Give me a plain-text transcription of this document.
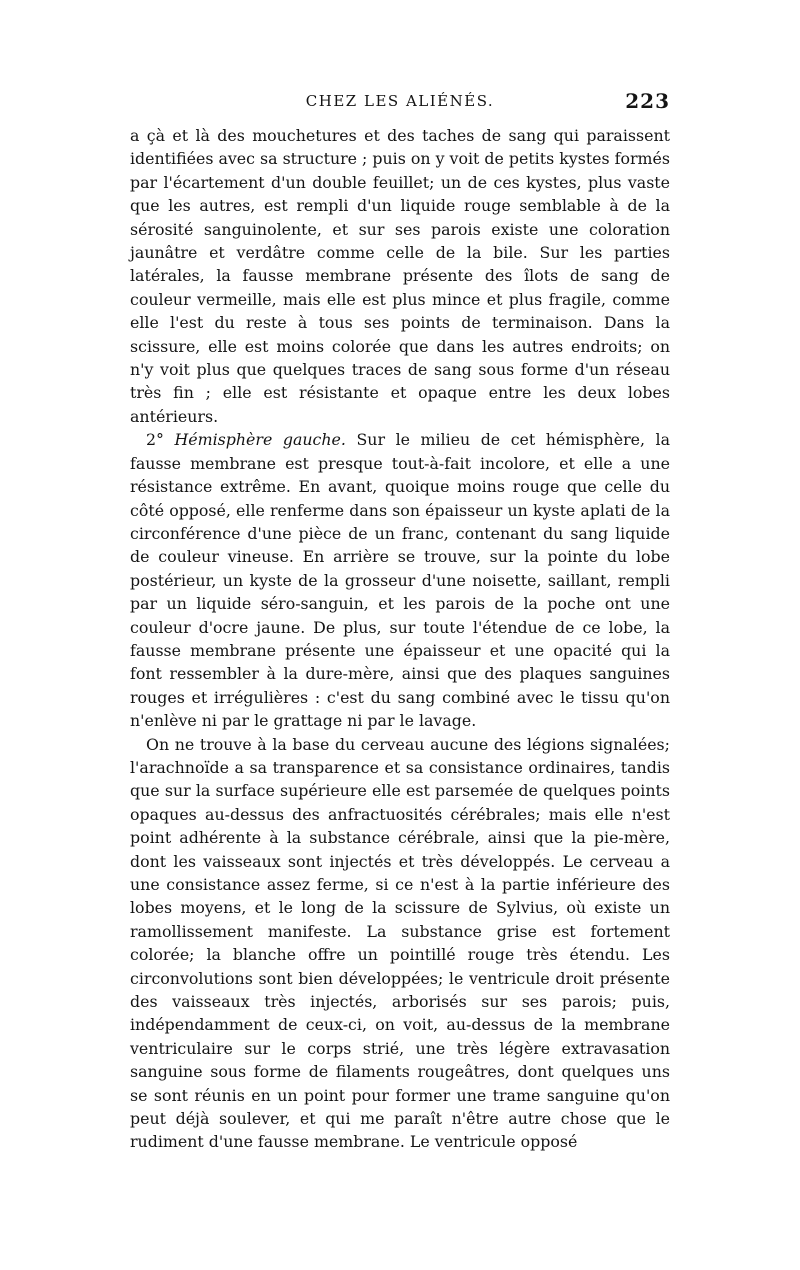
CHEZ LES ALIÉNÉS.	223

a çà et là des mouchetures et des taches de sang qui paraissent identifiées avec sa structure ; puis on y voit de petits kystes formés par l'écartement d'un double feuillet; un de ces kystes, plus vaste que les autres, est rempli d'un liquide rouge semblable à de la sérosité sanguinolente, et sur ses parois existe une coloration jaunâtre et verdâtre comme celle de la bile. Sur les parties latérales, la fausse membrane présente des îlots de sang de couleur vermeille, mais elle est plus mince et plus fragile, comme elle l'est du reste à tous ses points de terminaison. Dans la scissure, elle est moins colorée que dans les autres endroits; on n'y voit plus que quelques traces de sang sous forme d'un réseau très fin ; elle est résistante et opaque entre les deux lobes antérieurs.

2° Hémisphère gauche. Sur le milieu de cet hémisphère, la fausse membrane est presque tout-à-fait incolore, et elle a une résistance extrême. En avant, quoique moins rouge que celle du côté opposé, elle renferme dans son épaisseur un kyste aplati de la circonférence d'une pièce de un franc, contenant du sang liquide de couleur vineuse. En arrière se trouve, sur la pointe du lobe postérieur, un kyste de la grosseur d'une noisette, saillant, rempli par un liquide séro-sanguin, et les parois de la poche ont une couleur d'ocre jaune. De plus, sur toute l'étendue de ce lobe, la fausse membrane présente une épaisseur et une opacité qui la font ressembler à la dure-mère, ainsi que des plaques sanguines rouges et irrégulières : c'est du sang combiné avec le tissu qu'on n'enlève ni par le grattage ni par le lavage.

On ne trouve à la base du cerveau aucune des légions signalées; l'arachnoïde a sa transparence et sa consistance ordinaires, tandis que sur la surface supérieure elle est parsemée de quelques points opaques au-dessus des anfractuosités cérébrales; mais elle n'est point adhérente à la substance cérébrale, ainsi que la pie-mère, dont les vaisseaux sont injectés et très développés. Le cerveau a une consistance assez ferme, si ce n'est à la partie inférieure des lobes moyens, et le long de la scissure de Sylvius, où existe un ramollissement manifeste. La substance grise est fortement colorée; la blanche offre un pointillé rouge très étendu. Les circonvolutions sont bien développées; le ventricule droit présente des vaisseaux très injectés, arborisés sur ses parois; puis, indépendamment de ceux-ci, on voit, au-dessus de la membrane ventriculaire sur le corps strié, une très légère extravasation sanguine sous forme de filaments rougeâtres, dont quelques uns se sont réunis en un point pour former une trame sanguine qu'on peut déjà soulever, et qui me paraît n'être autre chose que le rudiment d'une fausse membrane. Le ventricule opposé
